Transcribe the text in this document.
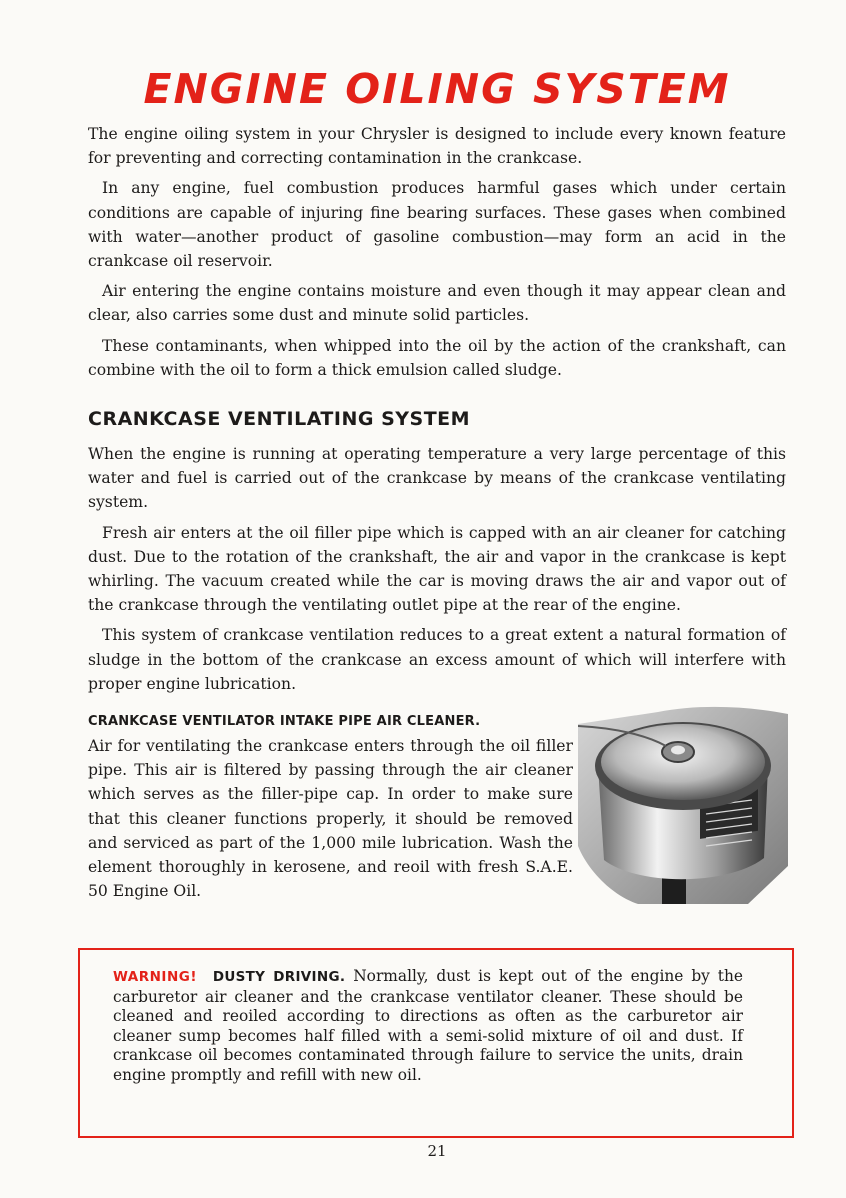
ENGINE OILING SYSTEM

The engine oiling system in your Chrysler is designed to include every known feature for preventing and correcting contamination in the crankcase.

In any engine, fuel combustion produces harmful gases which under certain conditions are capable of injuring fine bearing surfaces. These gases when combined with water—another product of gasoline combustion—may form an acid in the crankcase oil reservoir.

Air entering the engine contains moisture and even though it may appear clean and clear, also carries some dust and minute solid particles.

These contaminants, when whipped into the oil by the action of the crankshaft, can combine with the oil to form a thick emulsion called sludge.

CRANKCASE VENTILATING SYSTEM

When the engine is running at operating temperature a very large percentage of this water and fuel is carried out of the crankcase by means of the crankcase ventilating system.

Fresh air enters at the oil filler pipe which is capped with an air cleaner for catching dust. Due to the rotation of the crankshaft, the air and vapor in the crankcase is kept whirling. The vacuum created while the car is moving draws the air and vapor out of the crankcase through the ventilating outlet pipe at the rear of the engine.

This system of crankcase ventilation reduces to a great extent a natural formation of sludge in the bottom of the crankcase an excess amount of which will interfere with proper engine lubrication.

CRANKCASE VENTILATOR INTAKE PIPE AIR CLEANER.

Air for ventilating the crankcase enters through the oil filler pipe. This air is filtered by passing through the air cleaner which serves as the filler-pipe cap. In order to make sure that this cleaner functions properly, it should be removed and serviced as part of the 1,000 mile lubrication. Wash the element thoroughly in kerosene, and reoil with fresh S.A.E. 50 Engine Oil.

WARNING! DUSTY DRIVING. Normally, dust is kept out of the engine by the carburetor air cleaner and the crankcase ventilator cleaner. These should be cleaned and reoiled according to directions as often as the carburetor air cleaner sump becomes half filled with a semi-solid mixture of oil and dust. If crankcase oil becomes contaminated through failure to service the units, drain engine promptly and refill with new oil.
21
